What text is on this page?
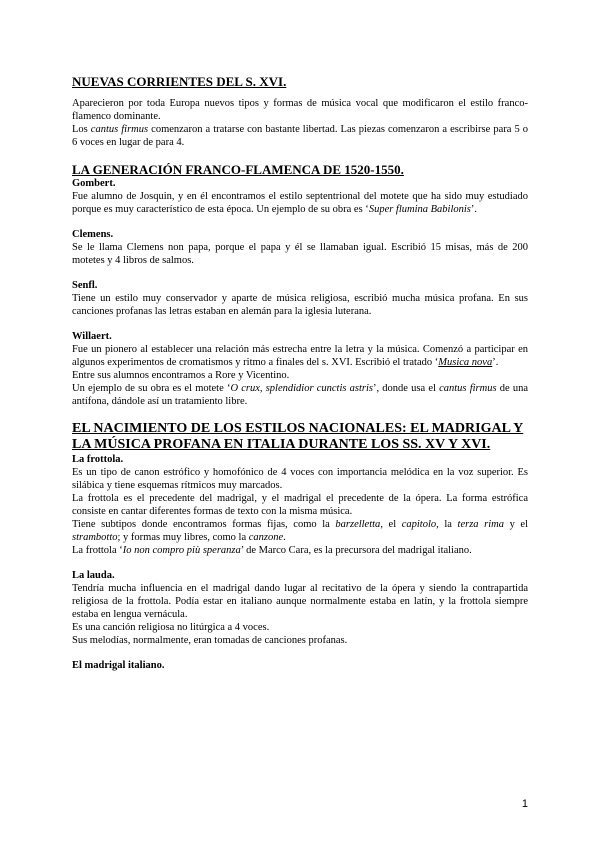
NUEVAS CORRIENTES DEL S. XVI.

Aparecieron por toda Europa nuevos tipos y formas de música vocal que modificaron el estilo franco-flamenco dominante.

Los cantus firmus comenzaron a tratarse con bastante libertad. Las piezas comenzaron a escribirse para 5 o 6 voces en lugar de para 4.

LA GENERACIÓN FRANCO-FLAMENCA DE 1520-1550.
Gombert.

Fue alumno de Josquin, y en él encontramos el estilo septentrional del motete que ha sido muy estudiado porque es muy característico de esta época. Un ejemplo de su obra es ‘Super flumina Babilonis’.

Clemens.

Se le llama Clemens non papa, porque el papa y él se llamaban igual. Escribió 15 misas, más de 200 motetes y 4 libros de salmos.

Senfl.

Tiene un estilo muy conservador y aparte de música religiosa, escribió mucha música profana. En sus canciones profanas las letras estaban en alemán para la iglesia luterana.

Willaert.

Fue un pionero al establecer una relación más estrecha entre la letra y la música. Comenzó a participar en algunos experimentos de cromatismos y ritmo a finales del s. XVI. Escribió el tratado ‘Musica nova’.

Entre sus alumnos encontramos a Rore y Vicentino.

Un ejemplo de su obra es el motete ‘O crux, splendidior cunctis astris’, donde usa el cantus firmus de una antífona, dándole así un tratamiento libre.

EL NACIMIENTO DE LOS ESTILOS NACIONALES: EL MADRIGAL Y LA MÚSICA PROFANA EN ITALIA DURANTE LOS SS. XV Y XVI.
La frottola.

Es un tipo de canon estrófico y homofónico de 4 voces con importancia melódica en la voz superior. Es silábica y tiene esquemas rítmicos muy marcados.

La frottola es el precedente del madrigal, y el madrigal el precedente de la ópera. La forma estrófica consiste en cantar diferentes formas de texto con la misma música.

Tiene subtipos donde encontramos formas fijas, como la barzelletta, el capitolo, la terza rima y el strambotto; y formas muy libres, como la canzone.

La frottola ‘Io non compro più speranza’ de Marco Cara, es la precursora del madrigal italiano.

La lauda.

Tendría mucha influencia en el madrigal dando lugar al recitativo de la ópera y siendo la contrapartida religiosa de la frottola. Podía estar en italiano aunque normalmente estaba en latín, y la frottola siempre estaba en lengua vernácula.

Es una canción religiosa no litúrgica a 4 voces.

Sus melodías, normalmente, eran tomadas de canciones profanas.

El madrigal italiano.
1
